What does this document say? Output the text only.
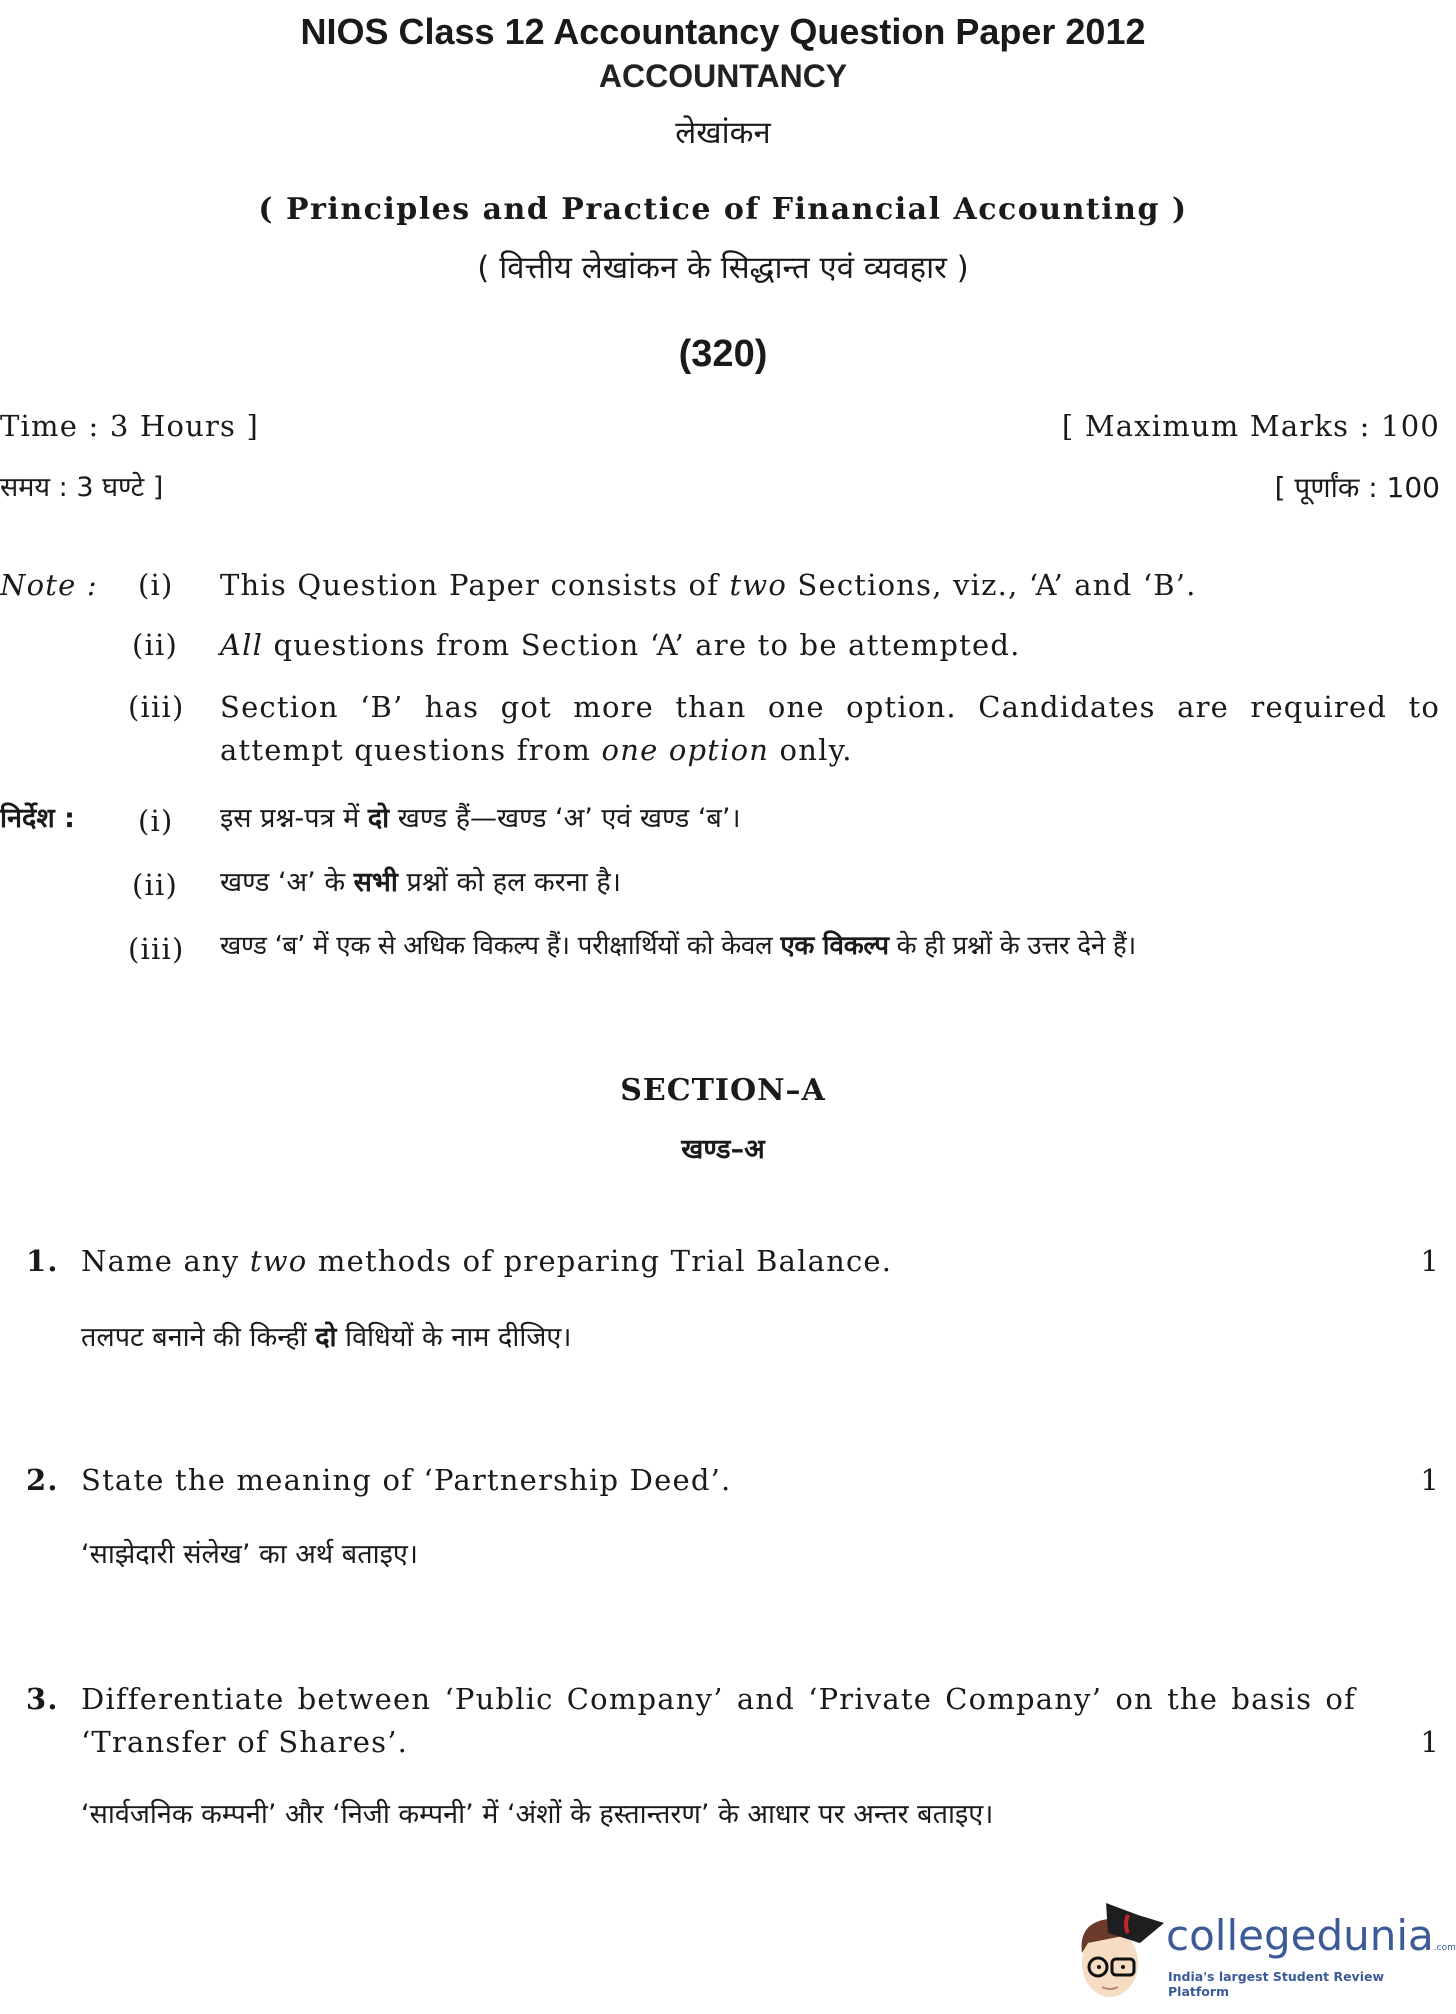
NIOS Class 12 Accountancy Question Paper 2012
ACCOUNTANCY
लेखांकन
( Principles and Practice of Financial Accounting )
( वित्तीय लेखांकन के सिद्धान्त एवं व्यवहार )
(320)
Time : 3 Hours ]	[ Maximum Marks : 100
समय : 3 घण्टे ]	[ पूर्णांक : 100
Note : (i) This Question Paper consists of two Sections, viz., ‘A’ and ‘B’.
(ii) All questions from Section ‘A’ are to be attempted.
(iii) Section ‘B’ has got more than one option. Candidates are required to
attempt questions from one option only.
निर्देश : (i) इस प्रश्न-पत्र में दो खण्ड हैं—खण्ड ‘अ’ एवं खण्ड ‘ब’।
(ii) खण्ड ‘अ’ के सभी प्रश्नों को हल करना है।
(iii) खण्ड ‘ब’ में एक से अधिक विकल्प हैं। परीक्षार्थियों को केवल एक विकल्प के ही प्रश्नों के उत्तर देने हैं।
SECTION–A
खण्ड–अ
1. Name any two methods of preparing Trial Balance.	1
तलपट बनाने की किन्हीं दो विधियों के नाम दीजिए।
2. State the meaning of ‘Partnership Deed’.	1
‘साझेदारी संलेख’ का अर्थ बताइए।
3. Differentiate between ‘Public Company’ and ‘Private Company’ on the basis of
‘Transfer of Shares’.	1
‘सार्वजनिक कम्पनी’ और ‘निजी कम्पनी’ में ‘अंशों के हस्तान्तरण’ के आधार पर अन्तर बताइए।
collegedunia.com
India's largest Student Review Platform
